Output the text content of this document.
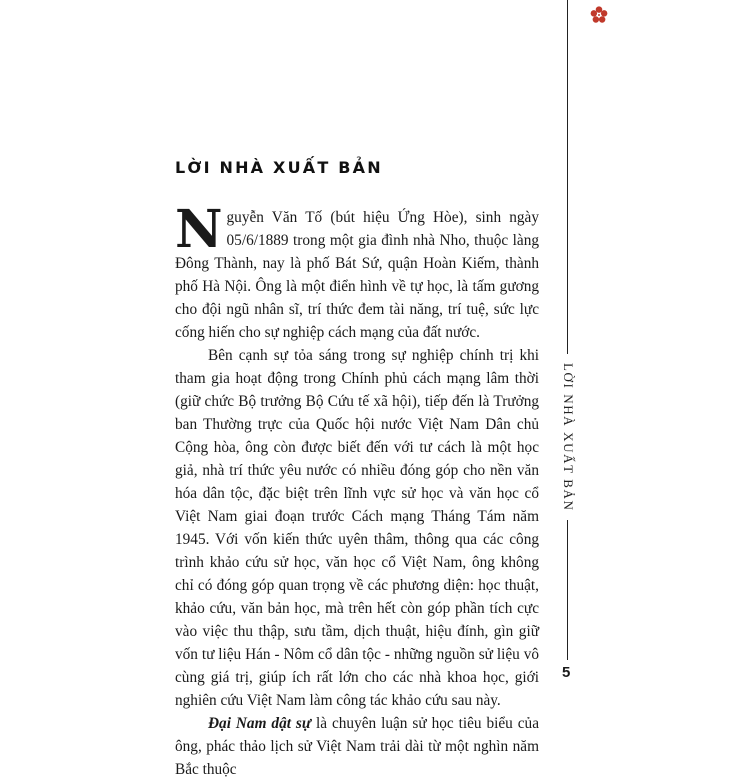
LỜI NHÀ XUẤT BẢN
5
LỜI NHÀ XUẤT BẢN

Nguyễn Văn Tố (bút hiệu Ứng Hòe), sinh ngày 05/6/1889 trong một gia đình nhà Nho, thuộc làng Đông Thành, nay là phố Bát Sứ, quận Hoàn Kiếm, thành phố Hà Nội. Ông là một điển hình về tự học, là tấm gương cho đội ngũ nhân sĩ, trí thức đem tài năng, trí tuệ, sức lực cống hiến cho sự nghiệp cách mạng của đất nước.

Bên cạnh sự tỏa sáng trong sự nghiệp chính trị khi tham gia hoạt động trong Chính phủ cách mạng lâm thời (giữ chức Bộ trưởng Bộ Cứu tế xã hội), tiếp đến là Trưởng ban Thường trực của Quốc hội nước Việt Nam Dân chủ Cộng hòa, ông còn được biết đến với tư cách là một học giả, nhà trí thức yêu nước có nhiều đóng góp cho nền văn hóa dân tộc, đặc biệt trên lĩnh vực sử học và văn học cổ Việt Nam giai đoạn trước Cách mạng Tháng Tám năm 1945. Với vốn kiến thức uyên thâm, thông qua các công trình khảo cứu sử học, văn học cổ Việt Nam, ông không chỉ có đóng góp quan trọng về các phương diện: học thuật, khảo cứu, văn bản học, mà trên hết còn góp phần tích cực vào việc thu thập, sưu tầm, dịch thuật, hiệu đính, gìn giữ vốn tư liệu Hán - Nôm cổ dân tộc - những nguồn sử liệu vô cùng giá trị, giúp ích rất lớn cho các nhà khoa học, giới nghiên cứu Việt Nam làm công tác khảo cứu sau này.

Đại Nam dật sự là chuyên luận sử học tiêu biểu của ông, phác thảo lịch sử Việt Nam trải dài từ một nghìn năm Bắc thuộc
